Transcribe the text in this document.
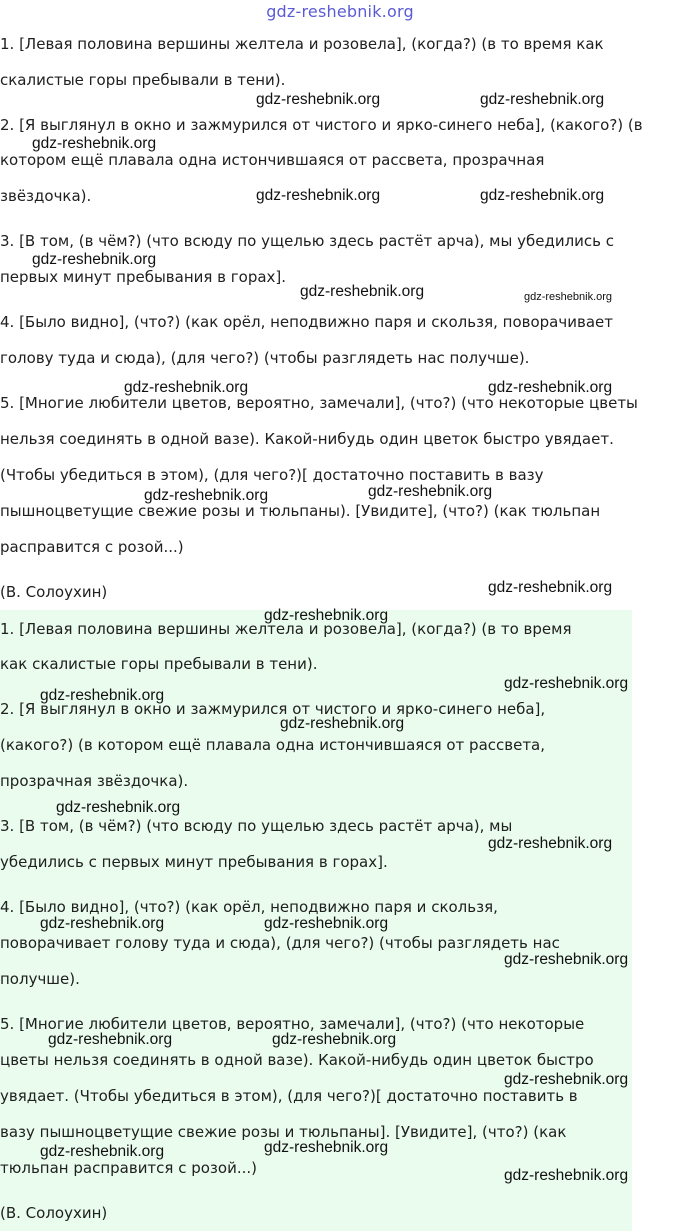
gdz-reshebnik.org
1. [Левая половина вершины желтела и розовела], (когда?) (в то время как
скалистые горы пребывали в тени).
2. [Я выглянул в окно и зажмурился от чистого и ярко-синего неба], (какого?) (в
котором ещё плавала одна истончившаяся от рассвета, прозрачная
звёздочка).
3. [В том, (в чём?) (что всюду по ущелью здесь растёт арча), мы убедились с
первых минут пребывания в горах].
4. [Было видно], (что?) (как орёл, неподвижно паря и скользя, поворачивает
голову туда и сюда), (для чего?) (чтобы разглядеть нас получше).
5. [Многие любители цветов, вероятно, замечали], (что?) (что некоторые цветы
нельзя соединять в одной вазе). Какой-нибудь один цветок быстро увядает.
(Чтобы убедиться в этом), (для чего?)[ достаточно поставить в вазу
пышноцветущие свежие розы и тюльпаны). [Увидите], (что?) (как тюльпан
расправится с розой...)
(В. Солоухин)
1. [Левая половина вершины желтела и розовела], (когда?) (в то время
как скалистые горы пребывали в тени).
2. [Я выглянул в окно и зажмурился от чистого и ярко-синего неба],
(какого?) (в котором ещё плавала одна истончившаяся от рассвета,
прозрачная звёздочка).
3. [В том, (в чём?) (что всюду по ущелью здесь растёт арча), мы
убедились с первых минут пребывания в горах].
4. [Было видно], (что?) (как орёл, неподвижно паря и скользя,
поворачивает голову туда и сюда), (для чего?) (чтобы разглядеть нас
получше).
5. [Многие любители цветов, вероятно, замечали], (что?) (что некоторые
цветы нельзя соединять в одной вазе). Какой-нибудь один цветок быстро
увядает. (Чтобы убедиться в этом), (для чего?)[ достаточно поставить в
вазу пышноцветущие свежие розы и тюльпаны]. [Увидите], (что?) (как
тюльпан расправится с розой...)
(В. Солоухин)
gdz-reshebnik.org	gdz-reshebnik.org
gdz-reshebnik.org
gdz-reshebnik.org	gdz-reshebnik.org
gdz-reshebnik.org
gdz-reshebnik.org	gdz-reshebnik.org
gdz-reshebnik.org	gdz-reshebnik.org
gdz-reshebnik.org	gdz-reshebnik.org
gdz-reshebnik.org
gdz-reshebnik.org
gdz-reshebnik.org
gdz-reshebnik.org
gdz-reshebnik.org
gdz-reshebnik.org
gdz-reshebnik.org
gdz-reshebnik.org	gdz-reshebnik.org
gdz-reshebnik.org
gdz-reshebnik.org	gdz-reshebnik.org
gdz-reshebnik.org
gdz-reshebnik.org	gdz-reshebnik.org
gdz-reshebnik.org
